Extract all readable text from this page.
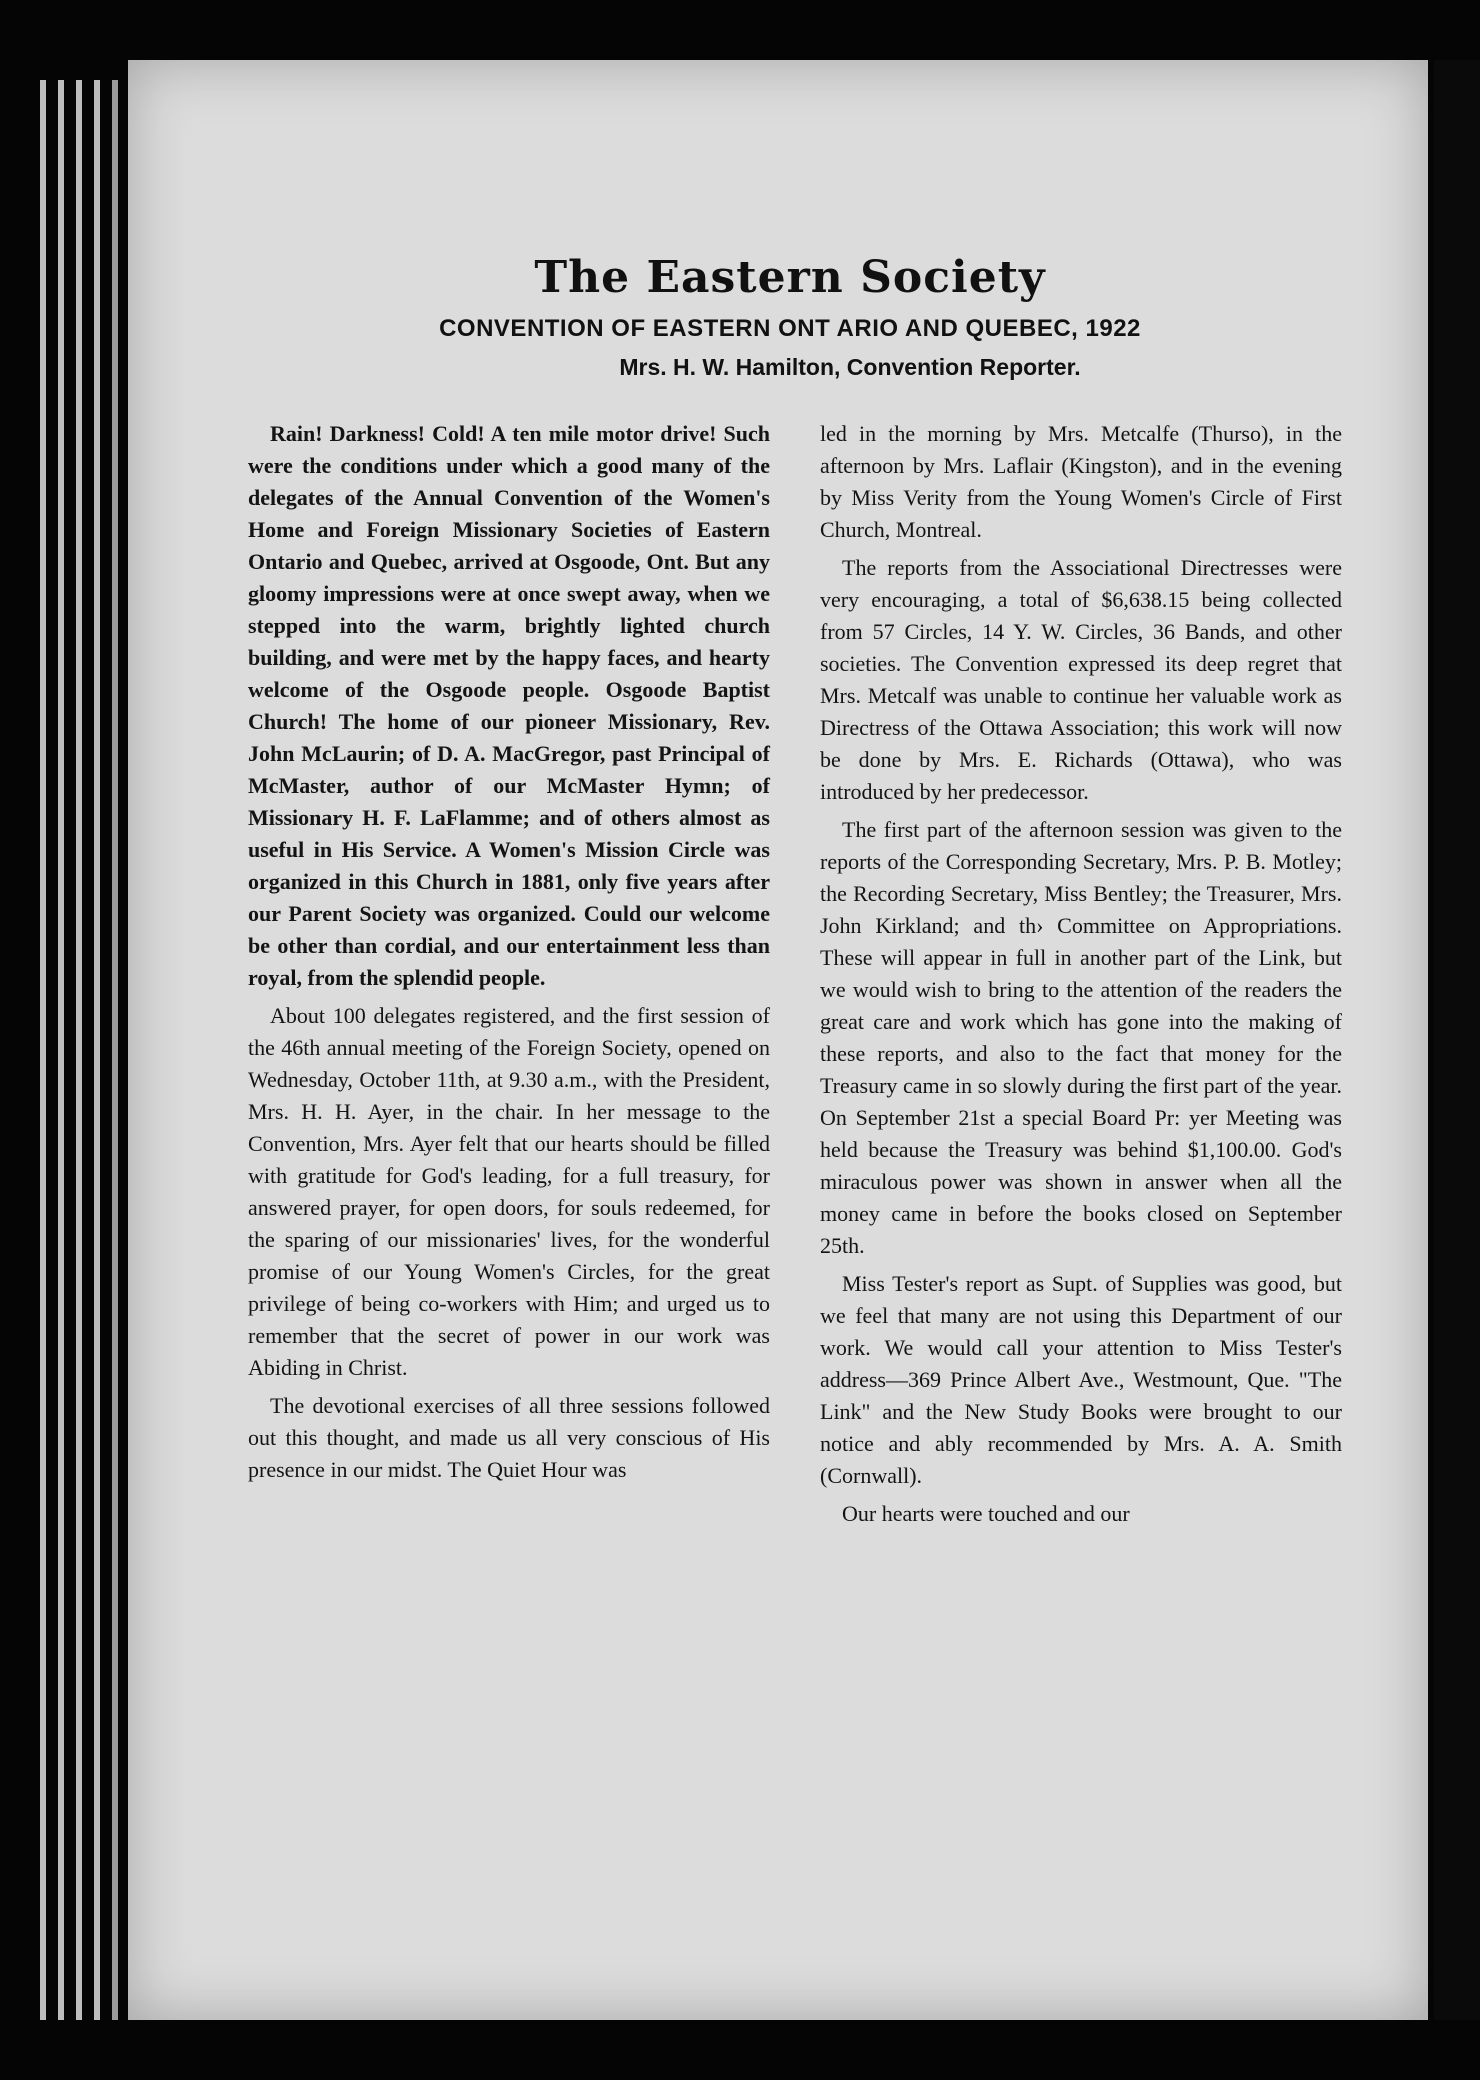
The Eastern Society
CONVENTION OF EASTERN ONT ARIO AND QUEBEC, 1922
Mrs. H. W. Hamilton, Convention Reporter.

Rain! Darkness! Cold! A ten mile motor drive! Such were the conditions under which a good many of the delegates of the Annual Convention of the Women's Home and Foreign Missionary Societies of Eastern Ontario and Quebec, arrived at Osgoode, Ont. But any gloomy impressions were at once swept away, when we stepped into the warm, brightly lighted church building, and were met by the happy faces, and hearty welcome of the Osgoode people. Osgoode Baptist Church! The home of our pioneer Missionary, Rev. John McLaurin; of D. A. MacGregor, past Principal of McMaster, author of our McMaster Hymn; of Missionary H. F. LaFlamme; and of others almost as useful in His Service. A Women's Mission Circle was organized in this Church in 1881, only five years after our Parent Society was organized. Could our welcome be other than cordial, and our entertainment less than royal, from the splendid people.

About 100 delegates registered, and the first session of the 46th annual meeting of the Foreign Society, opened on Wednesday, October 11th, at 9.30 a.m., with the President, Mrs. H. H. Ayer, in the chair. In her message to the Convention, Mrs. Ayer felt that our hearts should be filled with gratitude for God's leading, for a full treasury, for answered prayer, for open doors, for souls redeemed, for the sparing of our missionaries' lives, for the wonderful promise of our Young Women's Circles, for the great privilege of being co-workers with Him; and urged us to remember that the secret of power in our work was Abiding in Christ.

The devotional exercises of all three sessions followed out this thought, and made us all very conscious of His presence in our midst. The Quiet Hour was

led in the morning by Mrs. Metcalfe (Thurso), in the afternoon by Mrs. Laflair (Kingston), and in the evening by Miss Verity from the Young Women's Circle of First Church, Montreal.

The reports from the Associational Directresses were very encouraging, a total of $6,638.15 being collected from 57 Circles, 14 Y. W. Circles, 36 Bands, and other societies. The Convention expressed its deep regret that Mrs. Metcalf was unable to continue her valuable work as Directress of the Ottawa Association; this work will now be done by Mrs. E. Richards (Ottawa), who was introduced by her predecessor.

The first part of the afternoon session was given to the reports of the Corresponding Secretary, Mrs. P. B. Motley; the Recording Secretary, Miss Bentley; the Treasurer, Mrs. John Kirkland; and th› Committee on Appropriations. These will appear in full in another part of the Link, but we would wish to bring to the attention of the readers the great care and work which has gone into the making of these reports, and also to the fact that money for the Treasury came in so slowly during the first part of the year. On September 21st a special Board Pr: yer Meeting was held because the Treasury was behind $1,100.00. God's miraculous power was shown in answer when all the money came in before the books closed on September 25th.

Miss Tester's report as Supt. of Supplies was good, but we feel that many are not using this Department of our work. We would call your attention to Miss Tester's address—369 Prince Albert Ave., Westmount, Que. "The Link" and the New Study Books were brought to our notice and ably recommended by Mrs. A. A. Smith (Cornwall).

Our hearts were touched and our
